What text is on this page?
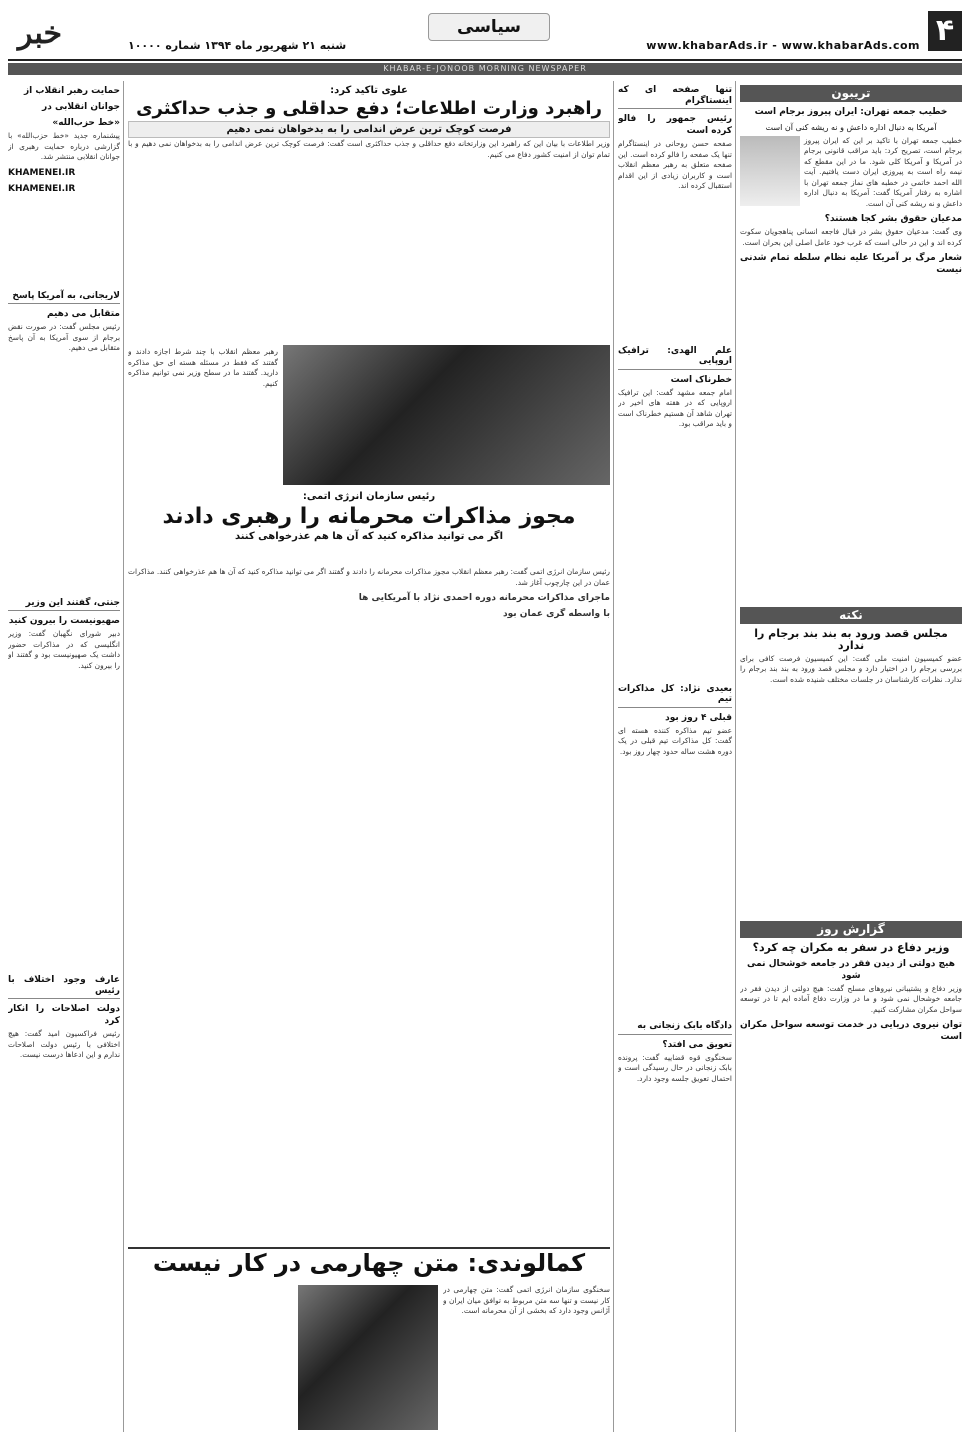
۴
www.khabarAds.ir - www.khabarAds.com
سیاسی
شنبه ۲۱ شهریور ماه ۱۳۹۴ شماره ۱۰۰۰۰
خبر
KHABAR-E-JONOOB MORNING NEWSPAPER
تریبون
خطیب جمعه تهران: ایران پیروز برجام است
آمریکا به دنبال اداره داعش و نه ریشه کنی آن است
خطیب جمعه تهران با تاکید بر این که ایران پیروز برجام است، تصریح کرد: باید مراقب قانونی برجام در آمریکا و آمریکا کلی شود. ما در این مقطع که نیمه راه است به پیروزی ایران دست یافتیم. آیت الله احمد خاتمی در خطبه های نماز جمعه تهران با اشاره به رفتار آمریکا گفت: آمریکا به دنبال اداره داعش و نه ریشه کنی آن است.
مدعیان حقوق بشر کجا هستند؟
وی گفت: مدعیان حقوق بشر در قبال فاجعه انسانی پناهجویان سکوت کرده اند و این در حالی است که غرب خود عامل اصلی این بحران است.
شعار مرگ بر آمریکا علیه نظام سلطه تمام شدنی نیست
نکته
مجلس قصد ورود به بند بند برجام را ندارد
عضو کمیسیون امنیت ملی گفت: این کمیسیون فرصت کافی برای بررسی برجام را در اختیار دارد و مجلس قصد ورود به بند بند برجام را ندارد. نظرات کارشناسان در جلسات مختلف شنیده شده است.
گزارش روز
وزیر دفاع در سفر به مکران چه کرد؟
هیچ دولتی از دیدن فقر در جامعه خوشحال نمی شود
وزیر دفاع و پشتیبانی نیروهای مسلح گفت: هیچ دولتی از دیدن فقر در جامعه خوشحال نمی شود و ما در وزارت دفاع آماده ایم تا در توسعه سواحل مکران مشارکت کنیم.
توان نیروی دریایی در خدمت توسعه سواحل مکران است
تنها صفحه ای که اینستاگرام
رئیس جمهور را فالو کرده است
صفحه حسن روحانی در اینستاگرام تنها یک صفحه را فالو کرده است. این صفحه متعلق به رهبر معظم انقلاب است و کاربران زیادی از این اقدام استقبال کرده اند.
علم الهدی: ترافیک اروپایی
خطرناک است
امام جمعه مشهد گفت: این ترافیک اروپایی که در هفته های اخیر در تهران شاهد آن هستیم خطرناک است و باید مراقب بود.
بعیدی نژاد: کل مذاکرات تیم
قبلی ۴ روز بود
عضو تیم مذاکره کننده هسته ای گفت: کل مذاکرات تیم قبلی در یک دوره هشت ساله حدود چهار روز بود.
دادگاه بابک زنجانی به
تعویق می افتد؟
سخنگوی قوه قضاییه گفت: پرونده بابک زنجانی در حال رسیدگی است و احتمال تعویق جلسه وجود دارد.
علوی تاکید کرد:
راهبرد وزارت اطلاعات؛ دفع حداقلی و جذب حداکثری
فرصت کوچک ترین عرض اندامی را به بدخواهان نمی دهیم
وزیر اطلاعات با بیان این که راهبرد این وزارتخانه دفع حداقلی و جذب حداکثری است گفت: فرصت کوچک ترین عرض اندامی را به بدخواهان نمی دهیم و با تمام توان از امنیت کشور دفاع می کنیم.
رهبر معظم انقلاب با چند شرط اجازه دادند و گفتند که فقط در مسئله هسته ای حق مذاکره دارید. گفتند ما در سطح وزیر نمی توانیم مذاکره کنیم.
رئیس سازمان انرژی اتمی:
مجوز مذاکرات محرمانه را رهبری دادند
اگر می توانید مذاکره کنید که آن ها هم عذرخواهی کنند
رئیس سازمان انرژی اتمی گفت: رهبر معظم انقلاب مجوز مذاکرات محرمانه را دادند و گفتند اگر می توانید مذاکره کنید که آن ها هم عذرخواهی کنند. مذاکرات عمان در این چارچوب آغاز شد.
ماجرای مذاکرات محرمانه دوره احمدی نژاد با آمریکایی ها
با واسطه گری عمان بود
حمایت رهبر انقلاب از
جوانان انقلابی در
«خط حزب‌الله»
پیشنماره جدید «خط حزب‌الله» با گزارشی درباره حمایت رهبری از جوانان انقلابی منتشر شد.
KHAMENEI.IR
KHAMENEI.IR
لاریجانی، به آمریکا پاسخ
متقابل می دهیم
رئیس مجلس گفت: در صورت نقض برجام از سوی آمریکا به آن پاسخ متقابل می دهیم.
جنتی، گفتند این وزیر
صهیونیست را بیرون کنید
دبیر شورای نگهبان گفت: وزیر انگلیسی که در مذاکرات حضور داشت یک صهیونیست بود و گفتند او را بیرون کنید.
عارف وجود اختلاف با رئیس
دولت اصلاحات را انکار کرد
رئیس فراکسیون امید گفت: هیچ اختلافی با رئیس دولت اصلاحات ندارم و این ادعاها درست نیست.
کمالوندی: متن چهارمی در کار نیست
سخنگوی سازمان انرژی اتمی گفت: متن چهارمی در کار نیست و تنها سه متن مربوط به توافق میان ایران و آژانس وجود دارد که بخشی از آن محرمانه است.
